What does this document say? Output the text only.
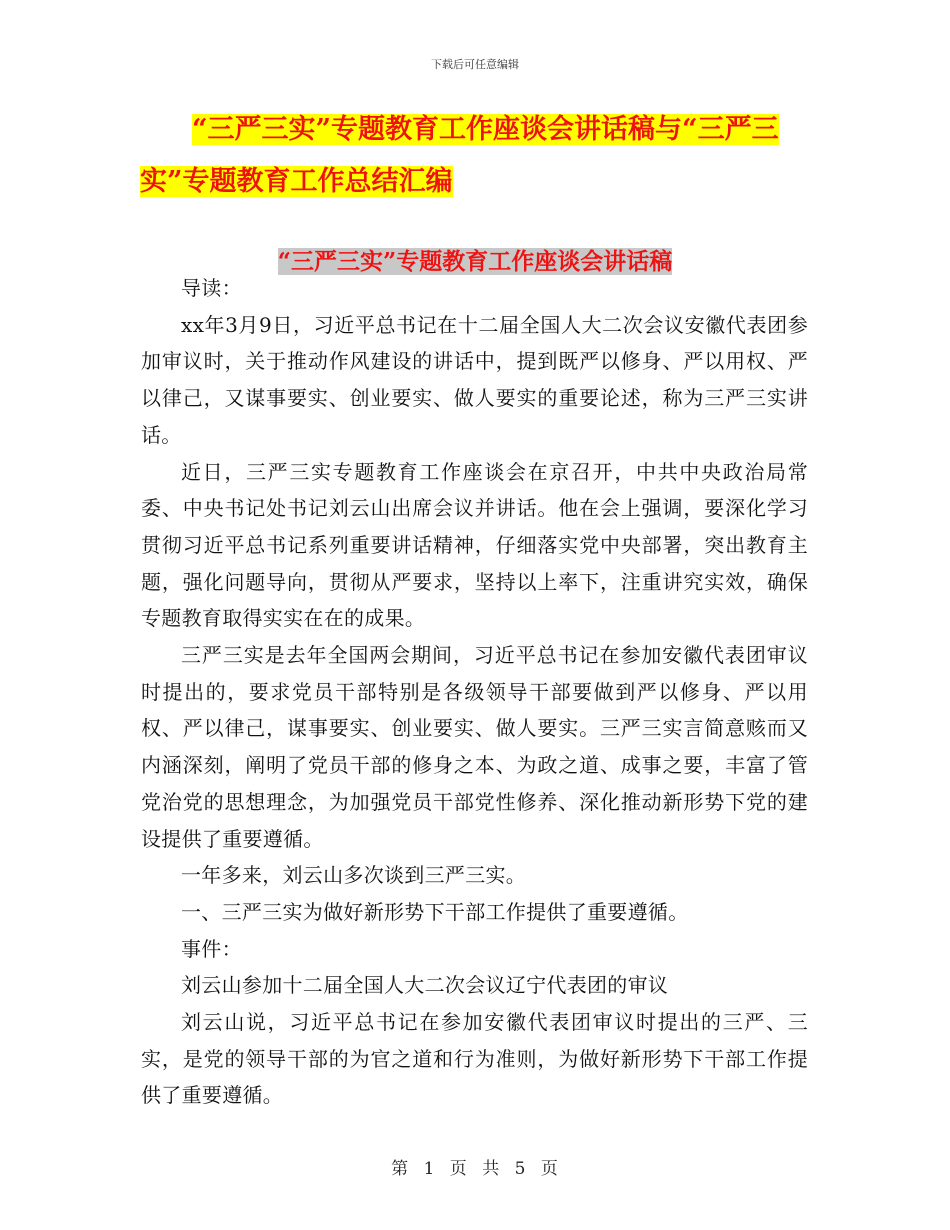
下载后可任意编辑
“三严三实”专题教育工作座谈会讲话稿与“三严三
实”专题教育工作总结汇编
“三严三实”专题教育工作座谈会讲话稿

导读：

xx年3月9日，习近平总书记在十二届全国人大二次会议安徽代表团参加审议时，关于推动作风建设的讲话中，提到既严以修身、严以用权、严以律己，又谋事要实、创业要实、做人要实的重要论述，称为三严三实讲话。

近日，三严三实专题教育工作座谈会在京召开，中共中央政治局常委、中央书记处书记刘云山出席会议并讲话。他在会上强调，要深化学习贯彻习近平总书记系列重要讲话精神，仔细落实党中央部署，突出教育主题，强化问题导向，贯彻从严要求，坚持以上率下，注重讲究实效，确保专题教育取得实实在在的成果。

三严三实是去年全国两会期间，习近平总书记在参加安徽代表团审议时提出的，要求党员干部特别是各级领导干部要做到严以修身、严以用权、严以律己，谋事要实、创业要实、做人要实。三严三实言简意赅而又内涵深刻，阐明了党员干部的修身之本、为政之道、成事之要，丰富了管党治党的思想理念，为加强党员干部党性修养、深化推动新形势下党的建设提供了重要遵循。

一年多来，刘云山多次谈到三严三实。

一、三严三实为做好新形势下干部工作提供了重要遵循。

事件：

刘云山参加十二届全国人大二次会议辽宁代表团的审议

刘云山说，习近平总书记在参加安徽代表团审议时提出的三严、三实，是党的领导干部的为官之道和行为准则，为做好新形势下干部工作提供了重要遵循。

第 1 页 共 5 页
